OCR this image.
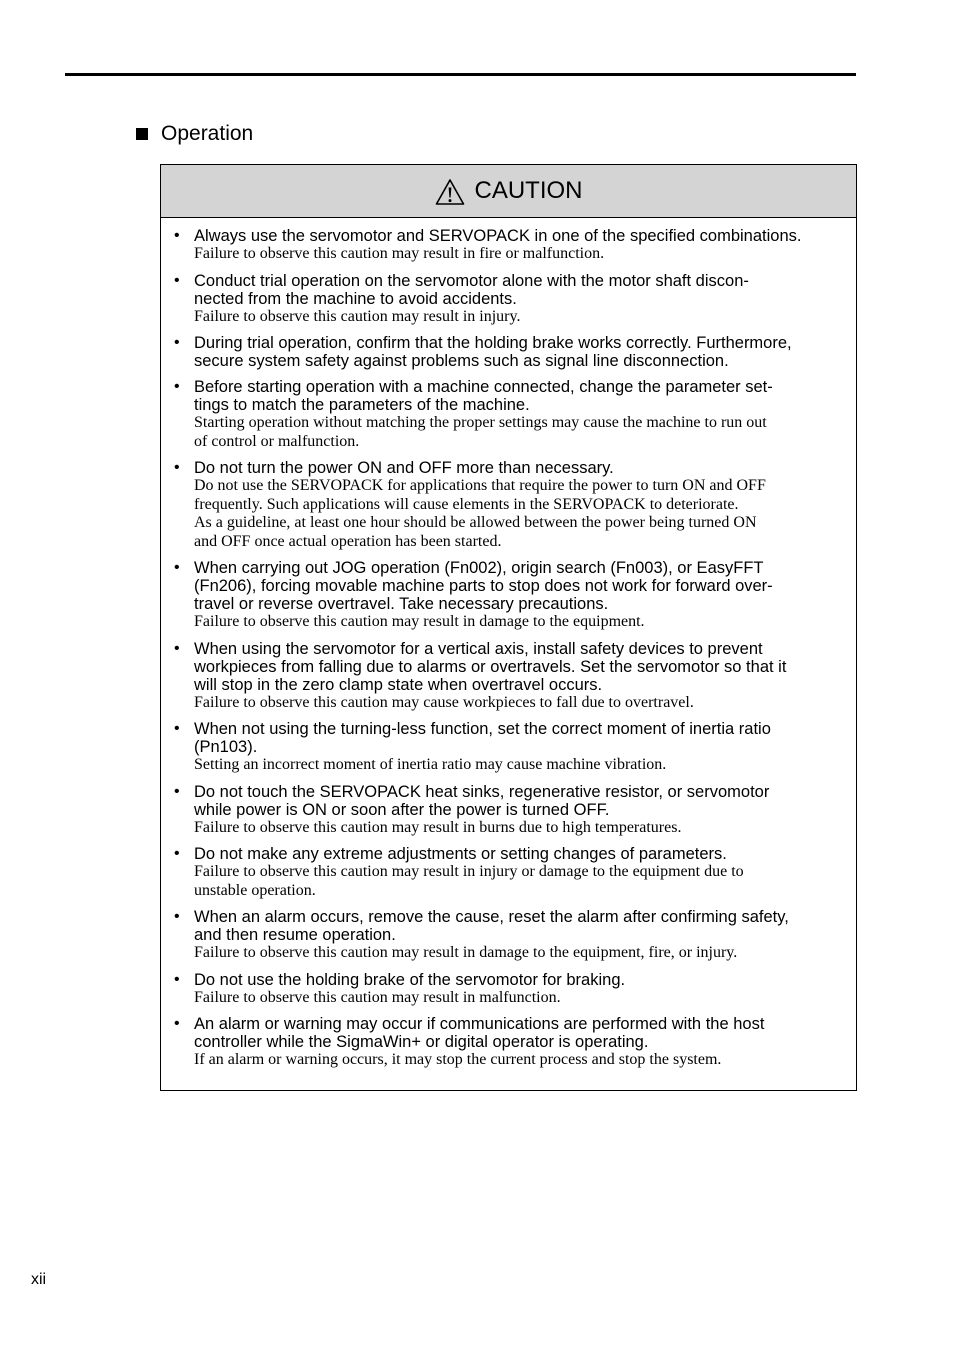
Operation
CAUTION
• Always use the servomotor and SERVOPACK in one of the specified combinations.
Failure to observe this caution may result in fire or malfunction.
• Conduct trial operation on the servomotor alone with the motor shaft discon-
nected from the machine to avoid accidents.
Failure to observe this caution may result in injury.
• During trial operation, confirm that the holding brake works correctly. Furthermore,
secure system safety against problems such as signal line disconnection.
• Before starting operation with a machine connected, change the parameter set-
tings to match the parameters of the machine.
Starting operation without matching the proper settings may cause the machine to run out
of control or malfunction.
• Do not turn the power ON and OFF more than necessary.
Do not use the SERVOPACK for applications that require the power to turn ON and OFF
frequently. Such applications will cause elements in the SERVOPACK to deteriorate.
As a guideline, at least one hour should be allowed between the power being turned ON
and OFF once actual operation has been started.
• When carrying out JOG operation (Fn002), origin search (Fn003), or EasyFFT
(Fn206), forcing movable machine parts to stop does not work for forward over-
travel or reverse overtravel. Take necessary precautions.
Failure to observe this caution may result in damage to the equipment.
• When using the servomotor for a vertical axis, install safety devices to prevent
workpieces from falling due to alarms or overtravels. Set the servomotor so that it
will stop in the zero clamp state when overtravel occurs.
Failure to observe this caution may cause workpieces to fall due to overtravel.
• When not using the turning-less function, set the correct moment of inertia ratio
(Pn103).
Setting an incorrect moment of inertia ratio may cause machine vibration.
• Do not touch the SERVOPACK heat sinks, regenerative resistor, or servomotor
while power is ON or soon after the power is turned OFF.
Failure to observe this caution may result in burns due to high temperatures.
• Do not make any extreme adjustments or setting changes of parameters.
Failure to observe this caution may result in injury or damage to the equipment due to
unstable operation.
• When an alarm occurs, remove the cause, reset the alarm after confirming safety,
and then resume operation.
Failure to observe this caution may result in damage to the equipment, fire, or injury.
• Do not use the holding brake of the servomotor for braking.
Failure to observe this caution may result in malfunction.
• An alarm or warning may occur if communications are performed with the host
controller while the SigmaWin+ or digital operator is operating.
If an alarm or warning occurs, it may stop the current process and stop the system.
xii
